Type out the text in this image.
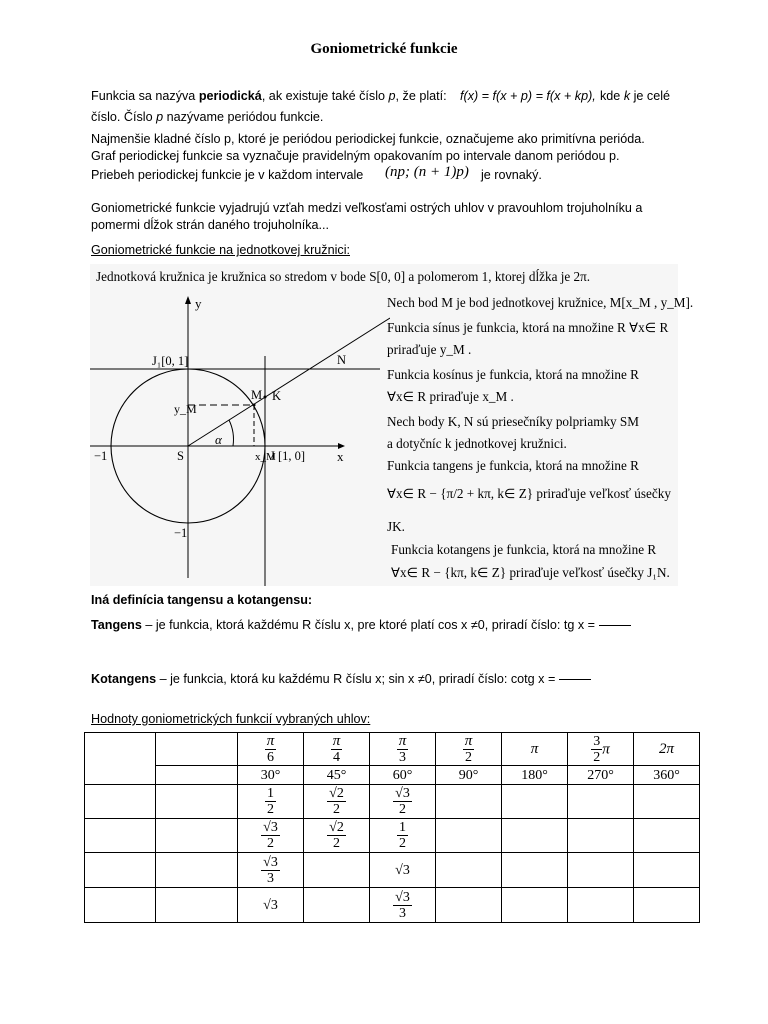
Goniometrické funkcie
Funkcia sa nazýva periodická, ak existuje také číslo p, že platí: f(x) = f(x + p) = f(x + kp), kde k je celé
číslo. Číslo p nazývame periódou funkcie.
Najmenšie kladné číslo p, ktoré je periódou periodickej funkcie, označujeme ako primitívna perióda.
Graf periodickej funkcie sa vyznačuje pravidelným opakovaním po intervale danom periódou p.
Priebeh periodickej funkcie je v každom intervale (np; (n + 1)p) je rovnaký.
Goniometrické funkcie vyjadrujú vzťah medzi veľkosťami ostrých uhlov v pravouhlom trojuholníku a
pomermi dĺžok strán daného trojuholníka...
Goniometrické funkcie na jednotkovej kružnici:
Jednotková kružnica je kružnica so stredom v bode S[0, 0] a polomerom 1, ktorej dĺžka je 2π.
y
x
J₁[0, 1]
J [1, 0]
S
M K
N
y_M
x_M
α
−1
−1
Nech bod M je bod jednotkovej kružnice, M[x_M , y_M].
Funkcia sínus je funkcia, ktorá na množine R ∀x∈ R
priraďuje y_M .
Funkcia kosínus je funkcia, ktorá na množine R
∀x∈ R priraďuje x_M .
Nech body K, N sú priesečníky polpriamky SM
a dotyčníc k jednotkovej kružnici.
Funkcia tangens je funkcia, ktorá na množine R
∀x∈ R − {π/2 + kπ, k∈ Z} priraďuje veľkosť úsečky
JK.
Funkcia kotangens je funkcia, ktorá na množine R
∀x∈ R − {kπ, k∈ Z} priraďuje veľkosť úsečky J₁N.
Iná definícia tangensu a kotangensu:
Tangens – je funkcia, ktorá každému R číslu x, pre ktoré platí cos x ≠0, priradí číslo: tg x =
Kotangens – je funkcia, ktorá ku každému R číslu x; sin x ≠0, priradí číslo: cotg x =
Hodnoty goniometrických funkcií vybraných uhlov:

		$\frac{\pi}{6}$	$\frac{\pi}{4}$	$\frac{\pi}{3}$	$\frac{\pi}{2}$	π	$\frac{3}{2}$ π	2π
		30°	45°	60°	90°	180°	270°	360°

		$\frac{1}{2}$	$\frac{√2}{2}$	$\frac{√3}{2}$

		$\frac{√3}{2}$	$\frac{√2}{2}$	$\frac{1}{2}$

		$\frac{√3}{3}$		√3				
		√3		$\frac{√3}{3}$
